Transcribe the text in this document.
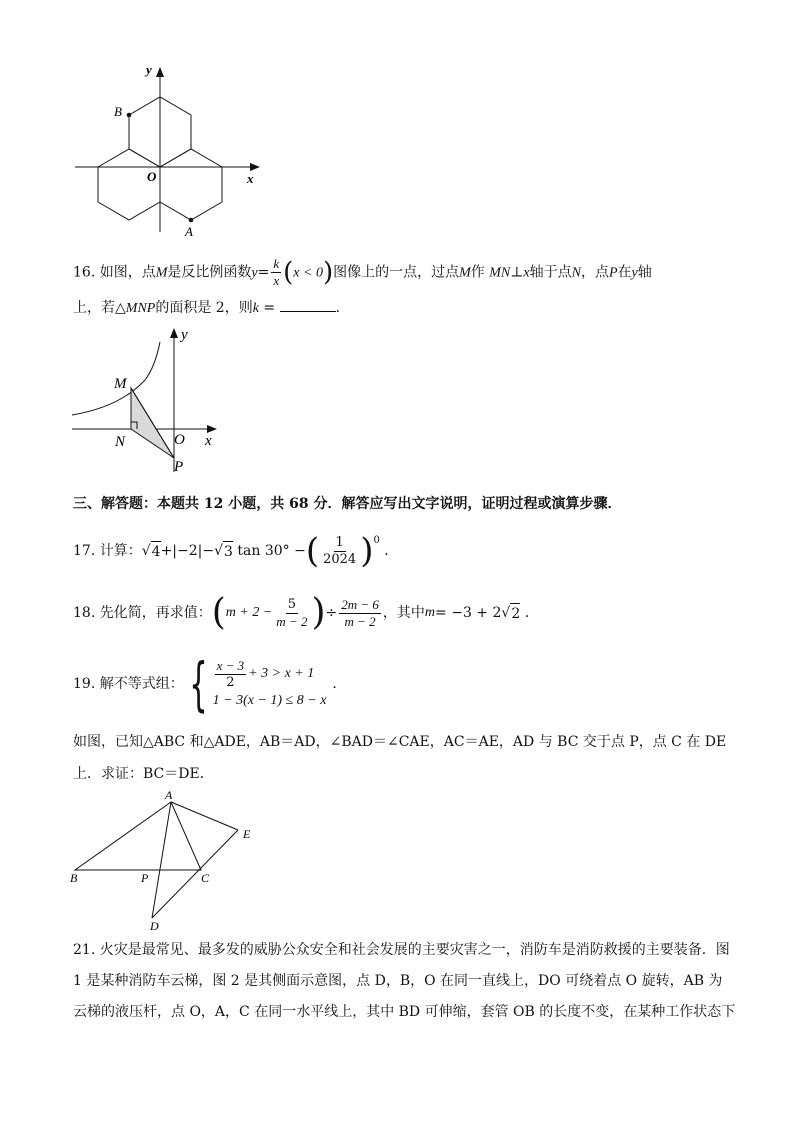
y
x
O
B
A
16. 如图，点M是反比例函数$y= \frac{k}{x} (x < 0)$图像上的一点，过点M作 MN⊥x轴于点N，点P在y轴
上，若△MNP的面积是 2，则k =	．
y
x
O
M
N
P
三、解答题：本题共 12 小题，共 68 分．解答应写出文字说明，证明过程或演算步骤．
17.
计算： √ 4 +|−2|− √ 3
tan 30° − ( $\frac{1}{2024} )^0$

．
18.
先化简，再求值： ( $m + 2 - \frac{5}{m - 2}$ ) ÷ $\frac{2m - 6}{m - 2}$ ，其中 m = −3 + 2 √ 2
．
19.
解不等式组： { $\frac{x - 3}{2} + 3 > x + 1$
1 − 3(x − 1) ≤ 8 − x
．
如图，已知△ABC 和△ADE，AB＝AD，∠BAD＝∠CAE，AC＝AE，AD 与 BC 交于点 P，点 C 在 DE
上．求证：BC＝DE．
A
B	P	C
E
D
21. 火灾是最常见、最多发的威胁公众安全和社会发展的主要灾害之一，消防车是消防救援的主要装备．图
1 是某种消防车云梯，图 2 是其侧面示意图，点 D，B，O 在同一直线上，DO 可绕着点 O 旋转，AB 为
云梯的液压杆，点 O，A，C 在同一水平线上，其中 BD 可伸缩，套管 OB 的长度不变，在某种工作状态下
